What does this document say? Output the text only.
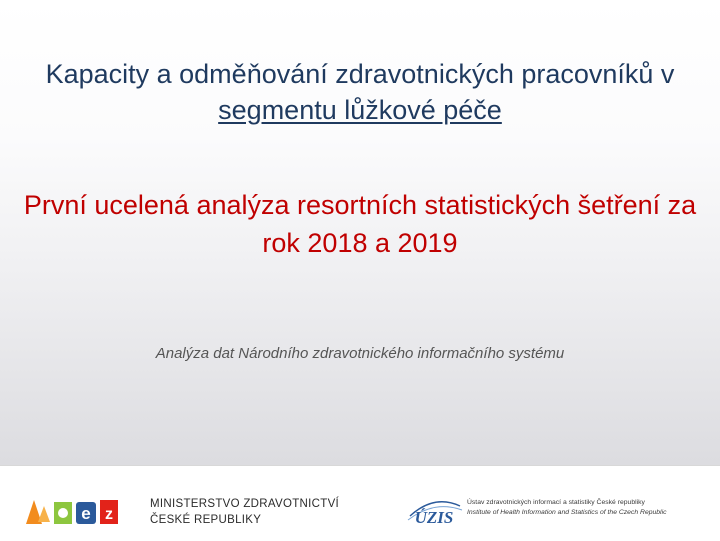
Kapacity a odměňování zdravotnických pracovníků v segmentu lůžkové péče
První ucelená analýza resortních statistických šetření za rok 2018 a 2019
Analýza dat Národního zdravotnického informačního systému
e z
MINISTERSTVO ZDRAVOTNICTVÍ
ČESKÉ REPUBLIKY	ÚZIS
Ústav zdravotnických informací a statistiky České republiky
Institute of Health Information and Statistics of the Czech Republic
